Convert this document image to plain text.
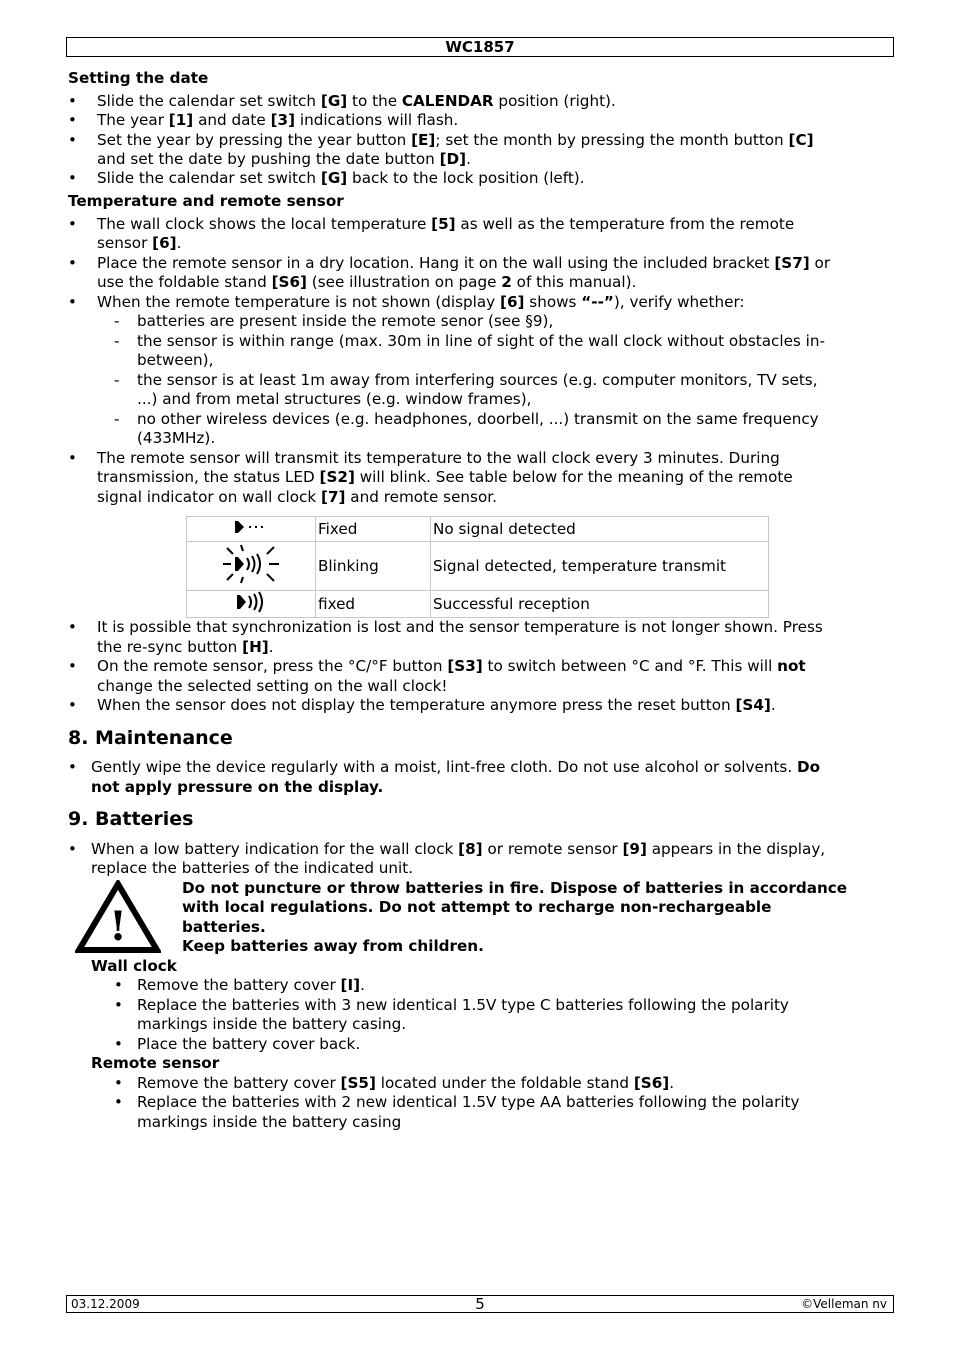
WC1857
Setting the date
• Slide the calendar set switch [G] to the CALENDAR position (right).
• The year [1] and date [3] indications will flash.
• Set the year by pressing the year button [E]; set the month by pressing the month button [C]
and set the date by pushing the date button [D].
• Slide the calendar set switch [G] back to the lock position (left).
Temperature and remote sensor
• The wall clock shows the local temperature [5] as well as the temperature from the remote
sensor [6].
• Place the remote sensor in a dry location. Hang it on the wall using the included bracket [S7] or
use the foldable stand [S6] (see illustration on page 2 of this manual).
• When the remote temperature is not shown (display [6] shows “--”), verify whether:
- batteries are present inside the remote senor (see §9),
- the sensor is within range (max. 30m in line of sight of the wall clock without obstacles in-
between),
- the sensor is at least 1m away from interfering sources (e.g. computer monitors, TV sets,
...) and from metal structures (e.g. window frames),
- no other wireless devices (e.g. headphones, doorbell, ...) transmit on the same frequency
(433MHz).
• The remote sensor will transmit its temperature to the wall clock every 3 minutes. During
transmission, the status LED [S2] will blink. See table below for the meaning of the remote
signal indicator on wall clock [7] and remote sensor.
	Fixed	No signal detected
	Blinking	Signal detected, temperature transmit
	fixed	Successful reception
• It is possible that synchronization is lost and the sensor temperature is not longer shown. Press
the re-sync button [H].
• On the remote sensor, press the °C/°F button [S3] to switch between °C and °F. This will not
change the selected setting on the wall clock!
• When the sensor does not display the temperature anymore press the reset button [S4].
8. Maintenance
• Gently wipe the device regularly with a moist, lint-free cloth. Do not use alcohol or solvents. Do
not apply pressure on the display.
9. Batteries
• When a low battery indication for the wall clock [8] or remote sensor [9] appears in the display,
replace the batteries of the indicated unit.
!
Do not puncture or throw batteries in fire. Dispose of batteries in accordance
with local regulations. Do not attempt to recharge non-rechargeable
batteries.
Keep batteries away from children.
Wall clock
• Remove the battery cover [I].
• Replace the batteries with 3 new identical 1.5V type C batteries following the polarity
markings inside the battery casing.
• Place the battery cover back.
Remote sensor
• Remove the battery cover [S5] located under the foldable stand [S6].
• Replace the batteries with 2 new identical 1.5V type AA batteries following the polarity
markings inside the battery casing
03.12.2009	5	©Velleman nv
